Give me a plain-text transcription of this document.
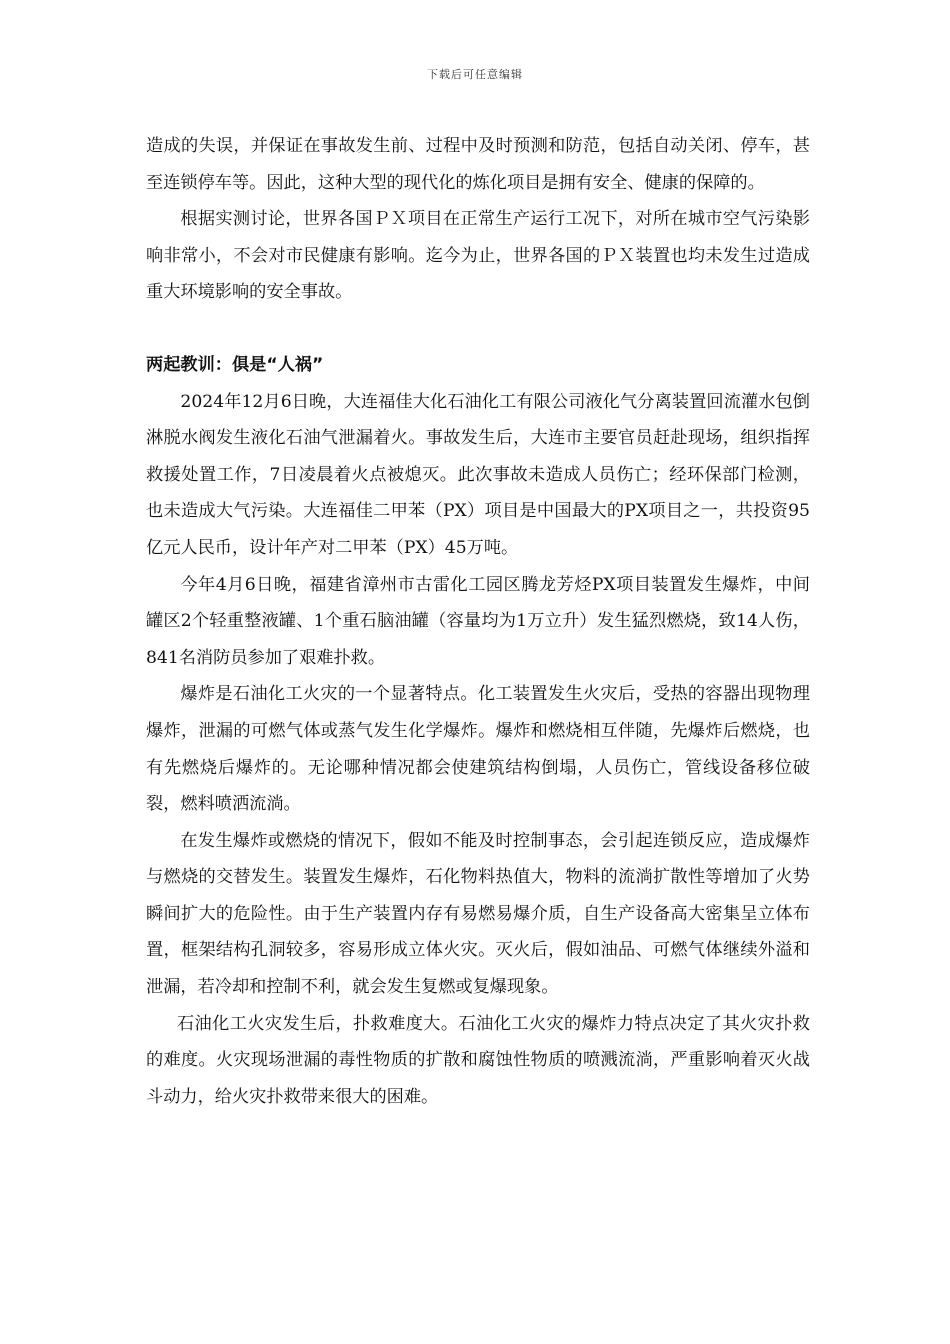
下载后可任意编辑

造成的失误，并保证在事故发生前、过程中及时预测和防范，包括自动关闭、停车，甚至连锁停车等。因此，这种大型的现代化的炼化项目是拥有安全、健康的保障的。

根据实测讨论，世界各国ＰＸ项目在正常生产运行工况下，对所在城市空气污染影响非常小，不会对市民健康有影响。迄今为止，世界各国的ＰＸ装置也均未发生过造成重大环境影响的安全事故。

两起教训：俱是“人祸”

2024年12月6日晚，大连福佳大化石油化工有限公司液化气分离装置回流灌水包倒淋脱水阀发生液化石油气泄漏着火。事故发生后，大连市主要官员赶赴现场，组织指挥救援处置工作，7日凌晨着火点被熄灭。此次事故未造成人员伤亡；经环保部门检测，也未造成大气污染。大连福佳二甲苯（PX）项目是中国最大的PX项目之一，共投资95亿元人民币，设计年产对二甲苯（PX）45万吨。

今年4月6日晚，福建省漳州市古雷化工园区腾龙芳烃PX项目装置发生爆炸，中间罐区2个轻重整液罐、1个重石脑油罐（容量均为1万立升）发生猛烈燃烧，致14人伤，841名消防员参加了艰难扑救。

爆炸是石油化工火灾的一个显著特点。化工装置发生火灾后，受热的容器出现物理爆炸，泄漏的可燃气体或蒸气发生化学爆炸。爆炸和燃烧相互伴随，先爆炸后燃烧，也有先燃烧后爆炸的。无论哪种情况都会使建筑结构倒塌，人员伤亡，管线设备移位破裂，燃料喷洒流淌。

在发生爆炸或燃烧的情况下，假如不能及时控制事态，会引起连锁反应，造成爆炸与燃烧的交替发生。装置发生爆炸，石化物料热值大，物料的流淌扩散性等增加了火势瞬间扩大的危险性。由于生产装置内存有易燃易爆介质，自生产设备高大密集呈立体布置，框架结构孔洞较多，容易形成立体火灾。灭火后，假如油品、可燃气体继续外溢和泄漏，若冷却和控制不利，就会发生复燃或复爆现象。

石油化工火灾发生后，扑救难度大。石油化工火灾的爆炸力特点决定了其火灾扑救的难度。火灾现场泄漏的毒性物质的扩散和腐蚀性物质的喷溅流淌，严重影响着灭火战斗动力，给火灾扑救带来很大的困难。
